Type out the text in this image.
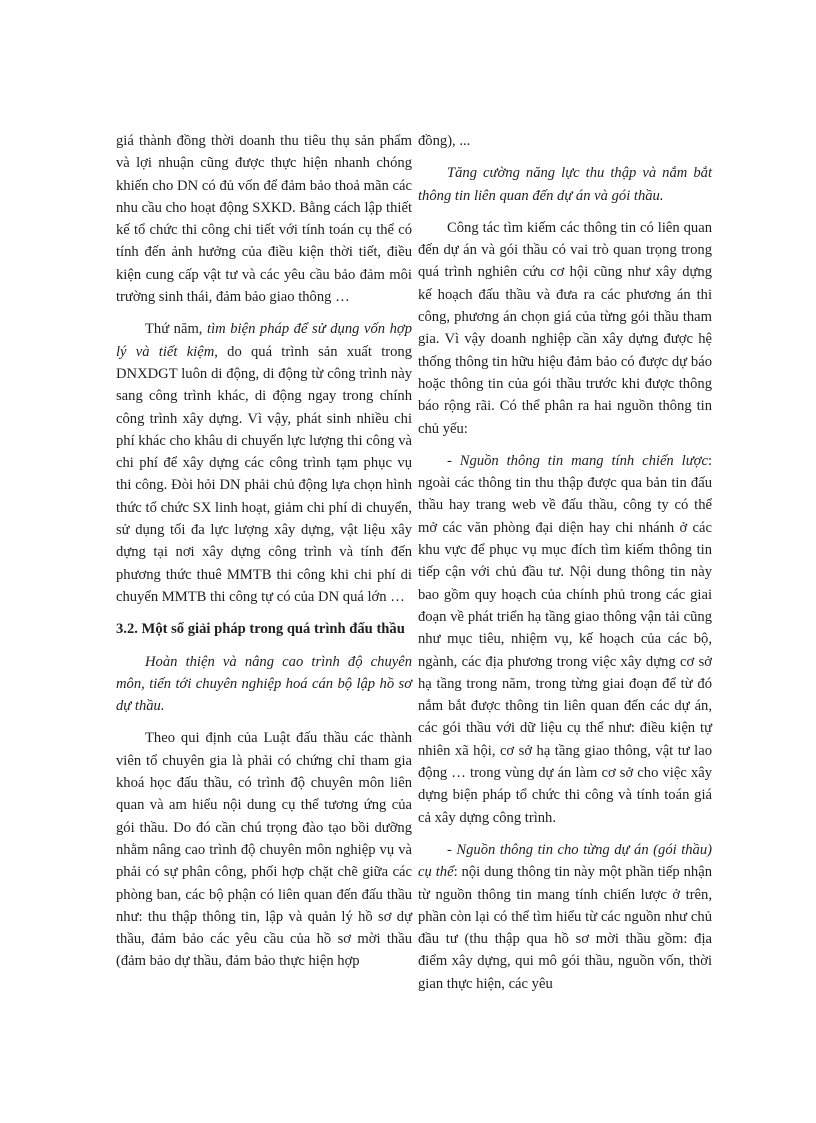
giá thành đồng thời doanh thu tiêu thụ sản phẩm và lợi nhuận cũng được thực hiện nhanh chóng khiến cho DN có đủ vốn để đảm bảo thoả mãn các nhu cầu cho hoạt động SXKD. Bằng cách lập thiết kế tổ chức thi công chi tiết với tính toán cụ thể có tính đến ảnh hưởng của điều kiện thời tiết, điều kiện cung cấp vật tư và các yêu cầu bảo đảm môi trường sinh thái, đảm bảo giao thông …

Thứ năm, tìm biện pháp để sử dụng vốn hợp lý và tiết kiệm, do quá trình sản xuất trong DNXDGT luôn di động, di động từ công trình này sang công trình khác, di động ngay trong chính công trình xây dựng. Vì vậy, phát sinh nhiều chi phí khác cho khâu di chuyển lực lượng thi công và chi phí để xây dựng các công trình tạm phục vụ thi công. Đòi hỏi DN phải chủ động lựa chọn hình thức tổ chức SX linh hoạt, giảm chi phí di chuyển, sử dụng tối đa lực lượng xây dựng, vật liệu xây dựng tại nơi xây dựng công trình và tính đến phương thức thuê MMTB thi công khi chi phí di chuyển MMTB thi công tự có của DN quá lớn …

3.2. Một số giải pháp trong quá trình đấu thầu

Hoàn thiện và nâng cao trình độ chuyên môn, tiến tới chuyên nghiệp hoá cán bộ lập hồ sơ dự thầu.

Theo qui định của Luật đấu thầu các thành viên tổ chuyên gia là phải có chứng chỉ tham gia khoá học đấu thầu, có trình độ chuyên môn liên quan và am hiểu nội dung cụ thể tương ứng của gói thầu. Do đó cần chú trọng đào tạo bồi dưỡng nhằm nâng cao trình độ chuyên môn nghiệp vụ và phải có sự phân công, phối hợp chặt chẽ giữa các phòng ban, các bộ phận có liên quan đến đấu thầu như: thu thập thông tin, lập và quản lý hồ sơ dự thầu, đảm bảo các yêu cầu của hồ sơ mời thầu (đảm bảo dự thầu, đảm bảo thực hiện hợp

đồng), ...

Tăng cường năng lực thu thập và nắm bắt thông tin liên quan đến dự án và gói thầu.

Công tác tìm kiếm các thông tin có liên quan đến dự án và gói thầu có vai trò quan trọng trong quá trình nghiên cứu cơ hội cũng như xây dựng kế hoạch đấu thầu và đưa ra các phương án thi công, phương án chọn giá của từng gói thầu tham gia. Vì vậy doanh nghiệp cần xây dựng được hệ thống thông tin hữu hiệu đảm bảo có được dự báo hoặc thông tin của gói thầu trước khi được thông báo rộng rãi. Có thể phân ra hai nguồn thông tin chủ yếu:

- Nguồn thông tin mang tính chiến lược: ngoài các thông tin thu thập được qua bản tin đấu thầu hay trang web về đấu thầu, công ty có thể mở các văn phòng đại diện hay chi nhánh ở các khu vực để phục vụ mục đích tìm kiếm thông tin tiếp cận với chủ đầu tư. Nội dung thông tin này bao gồm quy hoạch của chính phủ trong các giai đoạn về phát triển hạ tầng giao thông vận tải cũng như mục tiêu, nhiệm vụ, kế hoạch của các bộ, ngành, các địa phương trong việc xây dựng cơ sở hạ tầng trong năm, trong từng giai đoạn để từ đó nắm bắt được thông tin liên quan đến các dự án, các gói thầu với dữ liệu cụ thể như: điều kiện tự nhiên xã hội, cơ sở hạ tầng giao thông, vật tư lao động … trong vùng dự án làm cơ sở cho việc xây dựng biện pháp tổ chức thi công và tính toán giá cả xây dựng công trình.

- Nguồn thông tin cho từng dự án (gói thầu) cụ thể: nội dung thông tin này một phần tiếp nhận từ nguồn thông tin mang tính chiến lược ở trên, phần còn lại có thể tìm hiểu từ các nguồn như chủ đầu tư (thu thập qua hồ sơ mời thầu gồm: địa điểm xây dựng, qui mô gói thầu, nguồn vốn, thời gian thực hiện, các yêu
